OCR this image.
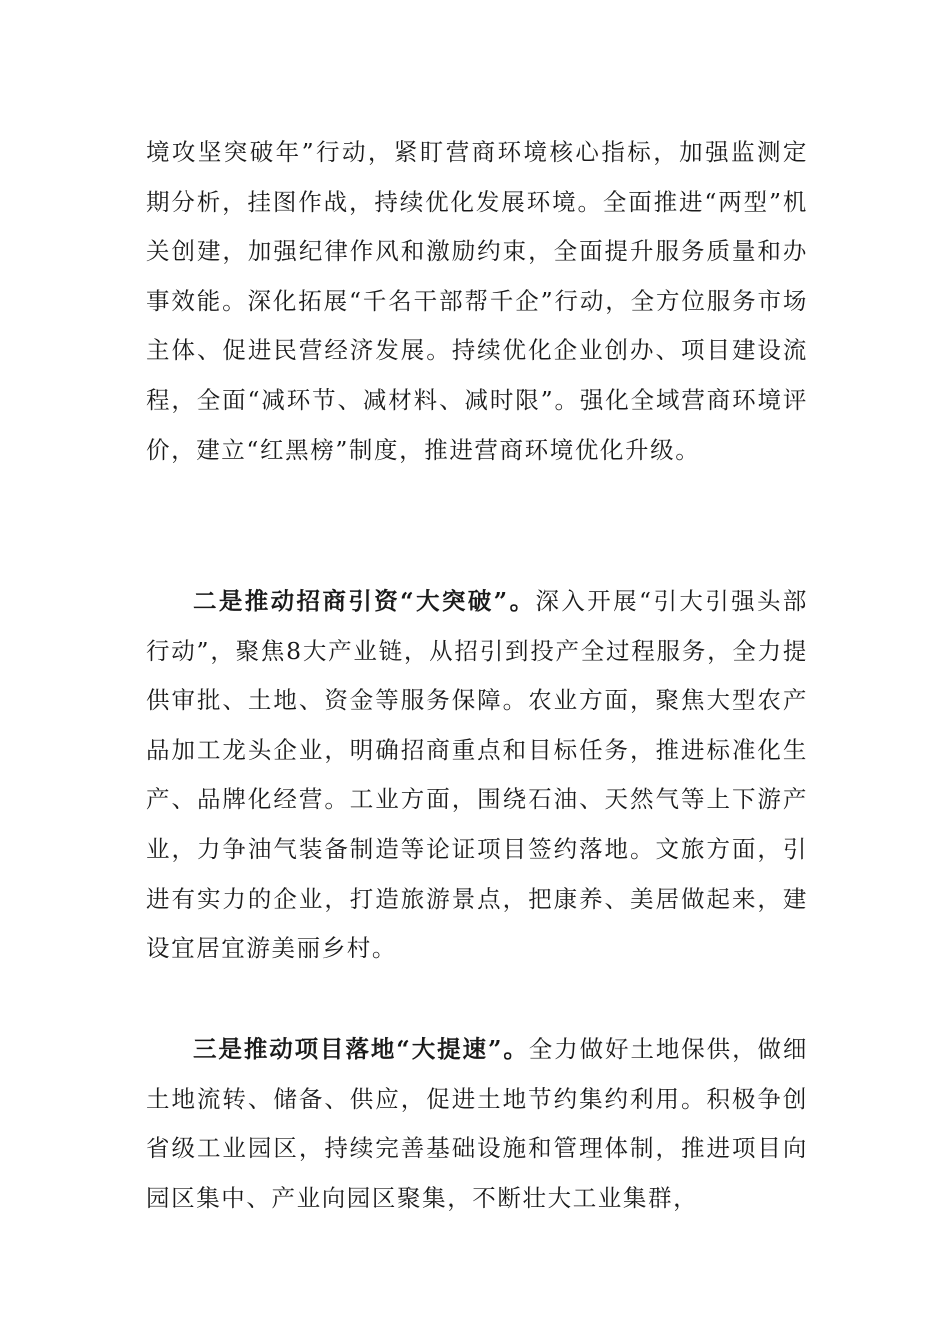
境攻坚突破年”行动，紧盯营商环境核心指标，加强监测定期分析，挂图作战，持续优化发展环境。全面推进“两型”机关创建，加强纪律作风和激励约束，全面提升服务质量和办事效能。深化拓展“千名干部帮千企”行动，全方位服务市场主体、促进民营经济发展。持续优化企业创办、项目建设流程，全面“减环节、减材料、减时限”。强化全域营商环境评价，建立“红黑榜”制度，推进营商环境优化升级。

二是推动招商引资“大突破”。深入开展“引大引强头部行动”，聚焦8大产业链，从招引到投产全过程服务，全力提供审批、土地、资金等服务保障。农业方面，聚焦大型农产品加工龙头企业，明确招商重点和目标任务，推进标准化生产、品牌化经营。工业方面，围绕石油、天然气等上下游产业，力争油气装备制造等论证项目签约落地。文旅方面，引进有实力的企业，打造旅游景点，把康养、美居做起来，建设宜居宜游美丽乡村。

三是推动项目落地“大提速”。全力做好土地保供，做细土地流转、储备、供应，促进土地节约集约利用。积极争创省级工业园区，持续完善基础设施和管理体制，推进项目向园区集中、产业向园区聚集，不断壮大工业集群，
